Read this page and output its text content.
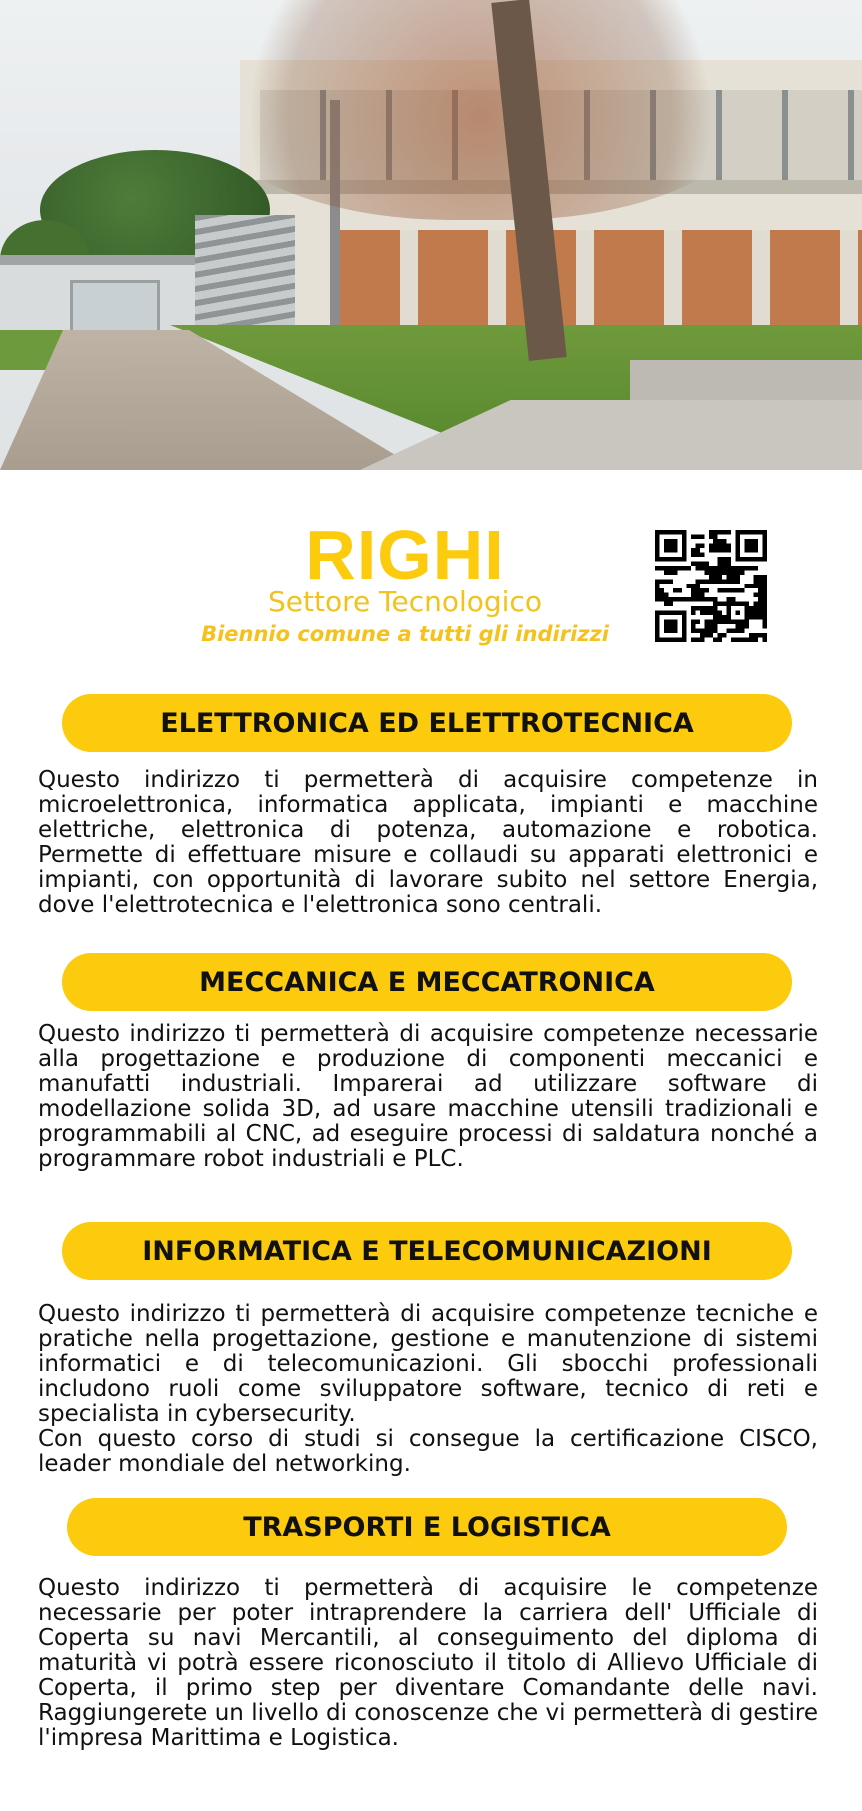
RIGHI
Settore Tecnologico
Biennio comune a tutti gli indirizzi
ELETTRONICA ED ELETTROTECNICA
Questo indirizzo ti permetterà di acquisire competenze in microelettronica, informatica applicata, impianti e macchine elettriche, elettronica di potenza, automazione e robotica. Permette di effettuare misure e collaudi su apparati elettronici e impianti, con opportunità di lavorare subito nel settore Energia, dove l'elettrotecnica e l'elettronica sono centrali.
MECCANICA E MECCATRONICA
Questo indirizzo ti permetterà di acquisire competenze necessarie alla progettazione e produzione di componenti meccanici e manufatti industriali. Imparerai ad utilizzare software di modellazione solida 3D, ad usare macchine utensili tradizionali e programmabili al CNC, ad eseguire processi di saldatura nonché a programmare robot industriali e PLC.
INFORMATICA E TELECOMUNICAZIONI
Questo indirizzo ti permetterà di acquisire competenze tecniche e pratiche nella progettazione, gestione e manutenzione di sistemi informatici e di telecomunicazioni. Gli sbocchi professionali includono ruoli come sviluppatore software, tecnico di reti e specialista in cybersecurity.
Con questo corso di studi si consegue la certificazione CISCO, leader mondiale del networking.
TRASPORTI E LOGISTICA
Questo indirizzo ti permetterà di acquisire le competenze necessarie per poter intraprendere la carriera dell' Ufficiale di Coperta su navi Mercantili, al conseguimento del diploma di maturità vi potrà essere riconosciuto il titolo di Allievo Ufficiale di Coperta, il primo step per diventare Comandante delle navi. Raggiungerete un livello di conoscenze che vi permetterà di gestire l'impresa Marittima e Logistica.
